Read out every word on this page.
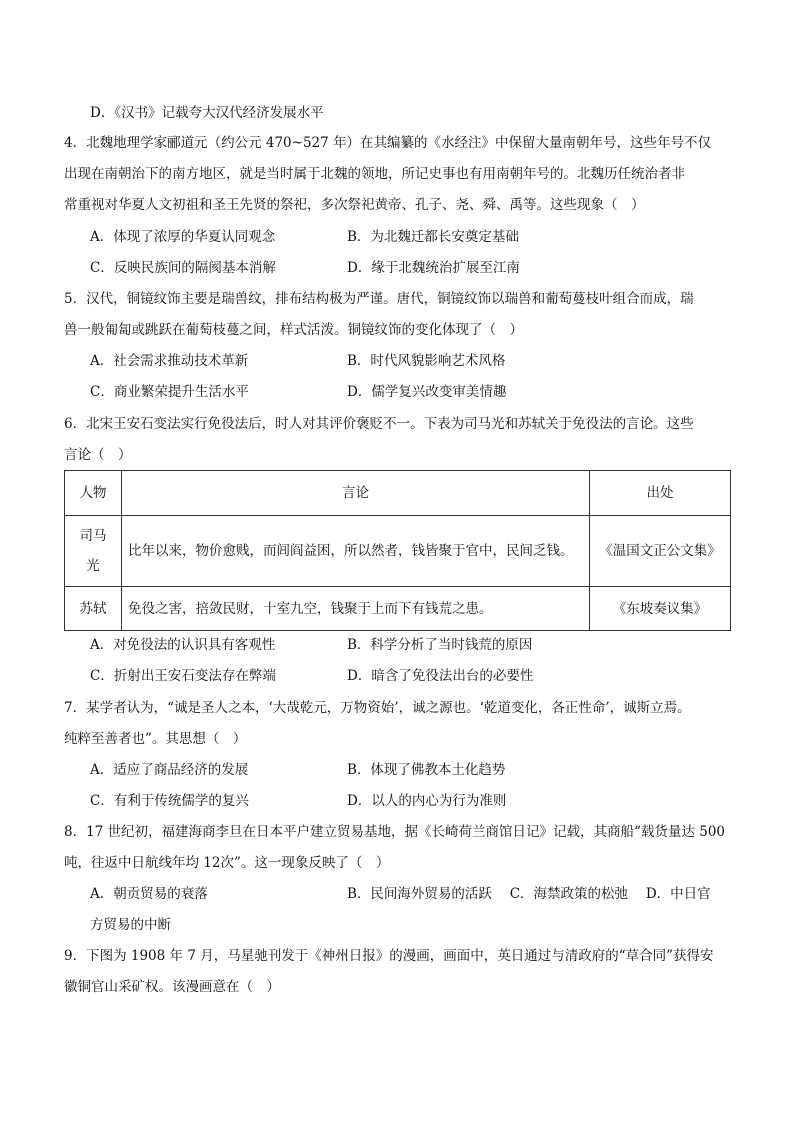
D．《汉书》记载夸大汉代经济发展水平
4．北魏地理学家郦道元（约公元 470~527 年）在其编纂的《水经注》中保留大量南朝年号，这些年号不仅
出现在南朝治下的南方地区，就是当时属于北魏的领地，所记史事也有用南朝年号的。北魏历任统治者非
常重视对华夏人文初祖和圣王先贤的祭祀，多次祭祀黄帝、孔子、尧、舜、禹等。这些现象（　）
A．体现了浓厚的华夏认同观念	B．为北魏迁都长安奠定基础
C．反映民族间的隔阂基本消解	D．缘于北魏统治扩展至江南
5．汉代，铜镜纹饰主要是瑞兽纹，排布结构极为严谨。唐代，铜镜纹饰以瑞兽和葡萄蔓枝叶组合而成，瑞
兽一般匍匐或跳跃在葡萄枝蔓之间，样式活泼。铜镜纹饰的变化体现了（　）
A．社会需求推动技术革新	B．时代风貌影响艺术风格
C．商业繁荣提升生活水平	D．儒学复兴改变审美情趣
6．北宋王安石变法实行免役法后，时人对其评价褒贬不一。下表为司马光和苏轼关于免役法的言论。这些
言论（　）
人物	言论	出处

司马
光	比年以来，物价愈贱，而闾阎益困，所以然者，钱皆聚于官中，民间乏钱。	《温国文正公文集》
苏轼	免役之害，掊敛民财，十室九空，钱聚于上而下有钱荒之患。	《东坡奏议集》
A．对免役法的认识具有客观性	B．科学分析了当时钱荒的原因
C．折射出王安石变法存在弊端	D．暗含了免役法出台的必要性
7．某学者认为，“诚是圣人之本，‘大哉乾元，万物资始’，诚之源也。‘乾道变化，各正性命’，诚斯立焉。
纯粹至善者也”。其思想（　）
A．适应了商品经济的发展	B．体现了佛教本土化趋势
C．有利于传统儒学的复兴	D．以人的内心为行为准则
8．17 世纪初，福建海商李旦在日本平户建立贸易基地，据《长崎荷兰商馆日记》记载，其商船“载货量达 500
吨，往返中日航线年均 12次”。这一现象反映了（　）
A．朝贡贸易的衰落	B．民间海外贸易的活跃　 C．海禁政策的松弛　 D．中日官
方贸易的中断
9．下图为 1908 年 7 月，马星驰刊发于《神州日报》的漫画，画面中，英日通过与清政府的“草合同”获得安
徽铜官山采矿权。该漫画意在（　）
